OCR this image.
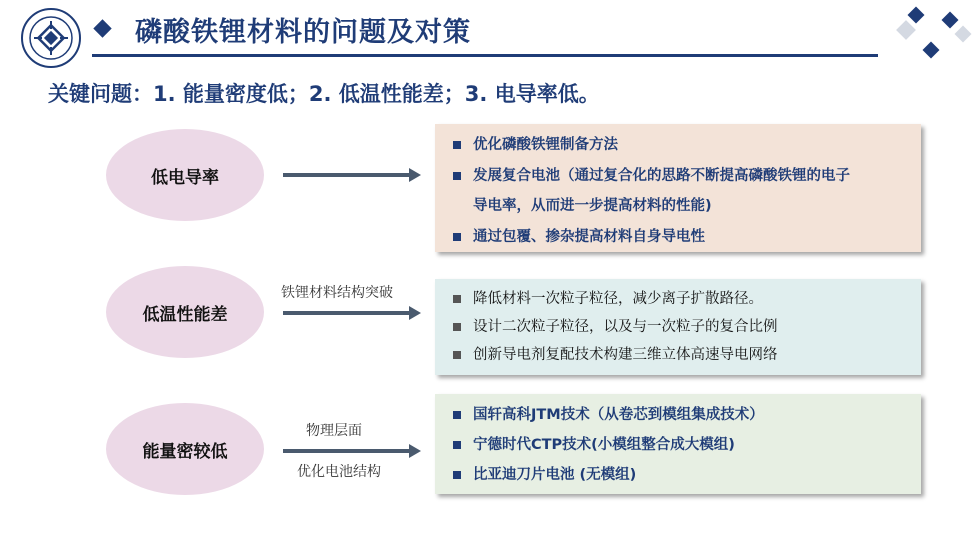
磷酸铁锂材料的问题及对策

关键问题：1. 能量密度低；2. 低温性能差；3. 电导率低。

低电导率
优化磷酸铁锂制备方法
发展复合电池（通过复合化的思路不断提高磷酸铁锂的电子
导电率，从而进一步提高材料的性能)
通过包覆、掺杂提高材料自身导电性
低温性能差
铁锂材料结构突破	降低材料一次粒子粒径，减少离子扩散路径。
设计二次粒子粒径，以及与一次粒子的复合比例
创新导电剂复配技术构建三维立体高速导电网络
能量密较低
物理层面
优化电池结构
国轩高科JTM技术（从卷芯到模组集成技术）
宁德时代CTP技术(小模组整合成大模组)
比亚迪刀片电池 (无模组)
